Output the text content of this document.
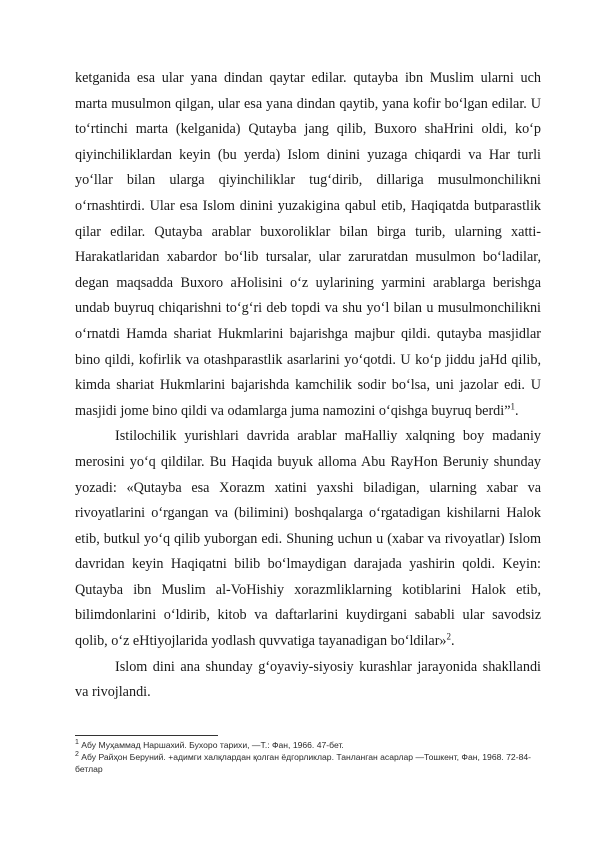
ketganida esa ular yana dindan qaytar edilar. qutayba ibn Muslim ularni uch marta musulmon qilgan, ular esa yana dindan qaytib, yana kofir bo‘lgan edilar. U to‘rtinchi marta (kelganida) Qutayba jang qilib, Buxoro shaHrini oldi, ko‘p qiyinchiliklardan keyin (bu yerda) Islom dinini yuzaga chiqardi va Har turli yo‘llar bilan ularga qiyinchiliklar tug‘dirib, dillariga musulmonchilikni o‘rnashtirdi. Ular esa Islom dinini yuzakigina qabul etib, Haqiqatda butparastlik qilar edilar. Qutayba arablar buxoroliklar bilan birga turib, ularning xatti-Harakatlaridan xabardor bo‘lib tursalar, ular zaruratdan musulmon bo‘ladilar, degan maqsadda Buxoro aHolisini o‘z uylarining yarmini arablarga berishga undab buyruq chiqarishni to‘g‘ri deb topdi va shu yo‘l bilan u musulmonchilikni o‘rnatdi Hamda shariat Hukmlarini bajarishga majbur qildi. qutayba masjidlar bino qildi, kofirlik va otashparastlik asarlarini yo‘qotdi. U ko‘p jiddu jaHd qilib, kimda shariat Hukmlarini bajarishda kamchilik sodir bo‘lsa, uni jazolar edi. U masjidi jome bino qildi va odamlarga juma namozini o‘qishga buyruq berdi”$^1$.

Istilochilik yurishlari davrida arablar maHalliy xalqning boy madaniy merosini yo‘q qildilar. Bu Haqida buyuk alloma Abu RayHon Beruniy shunday yozadi: «Qutayba esa Xorazm xatini yaxshi biladigan, ularning xabar va rivoyatlarini o‘rgangan va (bilimini) boshqalarga o‘rgatadigan kishilarni Halok etib, butkul yo‘q qilib yuborgan edi. Shuning uchun u (xabar va rivoyatlar) Islom davridan keyin Haqiqatni bilib bo‘lmaydigan darajada yashirin qoldi. Keyin: Qutayba ibn Muslim al-VoHishiy xorazmliklarning kotiblarini Halok etib, bilimdonlarini o‘ldirib, kitob va daftarlarini kuydirgani sababli ular savodsiz qolib, o‘z eHtiyojlarida yodlash quvvatiga tayanadigan bo‘ldilar»$^2$.

Islom dini ana shunday g‘oyaviy-siyosiy kurashlar jarayonida shakllandi va rivojlandi.

$^1$ Абу Муҳаммад Наршахий. Бухоро тарихи, —Т.: Фан, 1966. 47-бет.
$^2$ Абу Райҳон Беруний. +адимги халқлардан қолган ёдгорликлар. Танланган асарлар —Тошкент, Фан, 1968. 72-84-бетлар
